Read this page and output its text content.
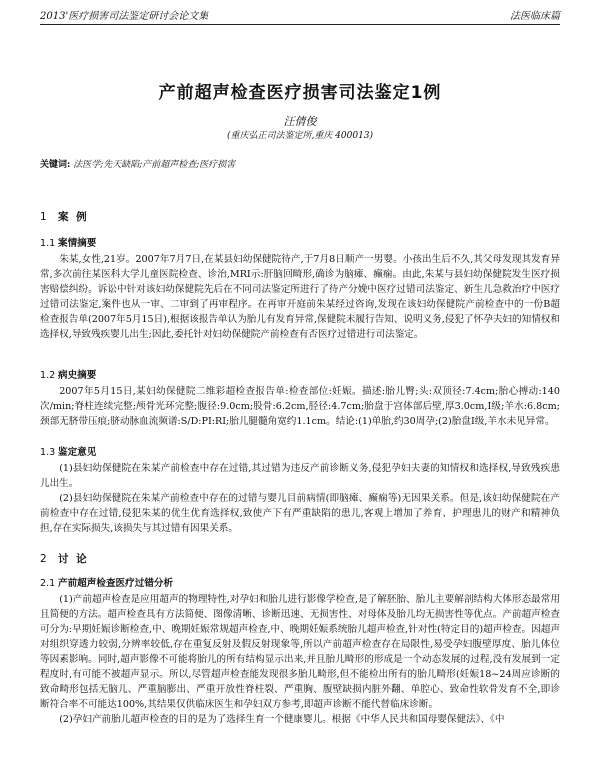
2013'医疗损害司法鉴定研讨会论文集	法医临床篇
产前超声检查医疗损害司法鉴定1例
汪倩俊
(重庆弘正司法鉴定所,重庆 400013)
关键词: 法医学;先天缺陷;产前超声检查;医疗损害
1 案 例
1.1 案情摘要

朱某,女性,21岁。2007年7月7日,在某县妇幼保健院待产,于7月8日顺产一男婴。小孩出生后不久,其父母发现其发育异常,多次前往某医科大学儿童医院检查、诊治,MRI示:肝脑回畸形,确诊为脑瘫、癫痫。由此,朱某与县妇幼保健院发生医疗损害赔偿纠纷。诉讼中针对该妇幼保健院先后在不同司法鉴定所进行了待产分娩中医疗过错司法鉴定、新生儿急救治疗中医疗过错司法鉴定,案件也从一审、二审到了再审程序。在再审开庭前朱某经过咨询,发现在该妇幼保健院产前检查中的一份B超检查报告单(2007年5月15日),根据该报告单认为胎儿有发育异常,保健院未履行告知、说明义务,侵犯了怀孕夫妇的知情权和选择权,导致残疾婴儿出生;因此,委托针对妇幼保健院产前检查有否医疗过错进行司法鉴定。

1.2 病史摘要

2007年5月15日,某妇幼保健院二维彩超检查报告单:检查部位:妊娠。描述:胎儿臀;头:双顶径:7.4cm;胎心搏动:140次/min;脊柱连续完整;颅骨光环完整;腹径:9.0cm;股骨:6.2cm,胫径:4.7cm;胎盘于宫体部后壁,厚3.0cm,Ⅰ级;羊水:6.8cm;颈部无脐带压痕;脐动脉血流频谱:S/D:PI:RI;胎儿腿髓角宽约1.1cm。结论:(1)单胎,约30周孕;(2)胎盘Ⅰ级,羊水未见异常。

1.3 鉴定意见

(1)县妇幼保健院在朱某产前检查中存在过错,其过错为违反产前诊断义务,侵犯孕妇夫妻的知情权和选择权,导致残疾患儿出生。

(2)县妇幼保健院在朱某产前检查中存在的过错与婴儿目前病情(即脑瘫、癫痫等)无因果关系。但是,该妇幼保健院在产前检查中存在过错,侵犯朱某的优生优育选择权,致使产下有严重缺陷的患儿,客观上增加了养育、护理患儿的财产和精神负担,存在实际损失,该损失与其过错有因果关系。

2 讨 论
2.1 产前超声检查医疗过错分析

(1)产前超声检查是应用超声的物理特性,对孕妇和胎儿进行影像学检查,是了解胚胎、胎儿主要解剖结构大体形态最常用且简便的方法。超声检查具有方法简便、图像清晰、诊断迅速、无损害性、对母体及胎儿均无损害性等优点。产前超声检查可分为:早期妊娠诊断检查,中、晚期妊娠常规超声检查,中、晚期妊娠系统胎儿超声检查,针对性(特定目的)超声检查。因超声对组织穿透力较弱,分辨率较低,存在重复反射及假反射现象等,所以产前超声检查存在局限性,易受孕妇腹壁厚度、胎儿体位等因素影响。同时,超声影像不可能将胎儿的所有结构显示出来,并且胎儿畸形的形成是一个动态发展的过程,没有发展到一定程度时,有可能不被超声显示。所以,尽管超声检查能发现很多胎儿畸形,但不能检出所有的胎儿畸形(妊娠18~24周应诊断的致命畸形包括无脑儿、严重脑膨出、严重开放性脊柱裂、严重胸、腹壁缺损内脏外翻、单腔心、致命性软骨发育不全,即诊断符合率不可能达100%,其结果仅供临床医生和孕妇双方参考,即超声诊断不能代替临床诊断。

(2)孕妇产前胎儿超声检查的目的是为了选择生育一个健康婴儿。根据《中华人民共和国母婴保健法》、《中
